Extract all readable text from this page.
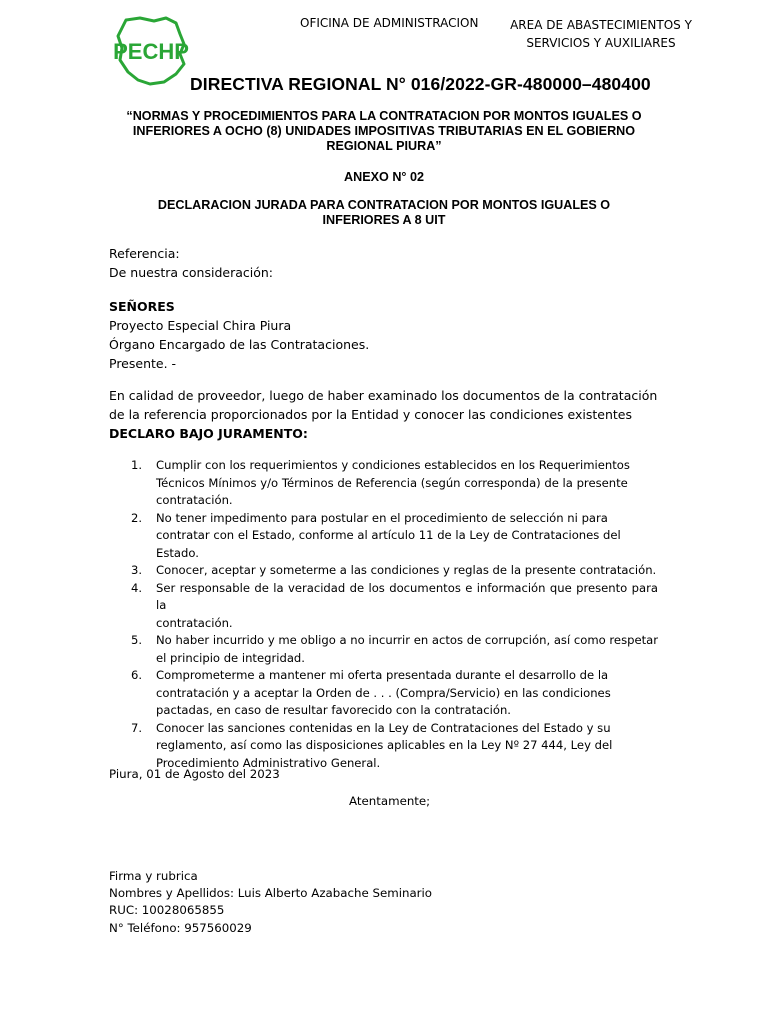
PECHP
OFICINA DE ADMINISTRACION	AREA DE ABASTECIMIENTOS Y
SERVICIOS Y AUXILIARES
DIRECTIVA REGIONAL N° 016/2022-GR-480000–480400
“NORMAS Y PROCEDIMIENTOS PARA LA CONTRATACION POR MONTOS IGUALES O
INFERIORES A OCHO (8) UNIDADES IMPOSITIVAS TRIBUTARIAS EN EL GOBIERNO
REGIONAL PIURA”
ANEXO N° 02
DECLARACION JURADA PARA CONTRATACION POR MONTOS IGUALES O
INFERIORES A 8 UIT
Referencia:
De nuestra consideración:
SEÑORES
Proyecto Especial Chira Piura
Órgano Encargado de las Contrataciones.
Presente. -
En calidad de proveedor, luego de haber examinado los documentos de la contratación
de la referencia proporcionados por la Entidad y conocer las condiciones existentes
DECLARO BAJO JURAMENTO:
1. Cumplir con los requerimientos y condiciones establecidos en los Requerimientos
Técnicos Mínimos y/o Términos de Referencia (según corresponda) de la presente
contratación.
2. No tener impedimento para postular en el procedimiento de selección ni para
contratar con el Estado, conforme al artículo 11 de la Ley de Contrataciones del
Estado.
3. Conocer, aceptar y someterme a las condiciones y reglas de la presente contratación.
4. Ser responsable de la veracidad de los documentos e información que presento para la
contratación.
5. No haber incurrido y me obligo a no incurrir en actos de corrupción, así como respetar
el principio de integridad.
6. Comprometerme a mantener mi oferta presentada durante el desarrollo de la
contratación y a aceptar la Orden de . . . (Compra/Servicio) en las condiciones
pactadas, en caso de resultar favorecido con la contratación.
7. Conocer las sanciones contenidas en la Ley de Contrataciones del Estado y su
reglamento, así como las disposiciones aplicables en la Ley Nº 27 444, Ley del
Procedimiento Administrativo General.
Piura, 01 de Agosto del 2023
Atentamente;
Firma y rubrica
Nombres y Apellidos: Luis Alberto Azabache Seminario
RUC: 10028065855
N° Teléfono: 957560029
